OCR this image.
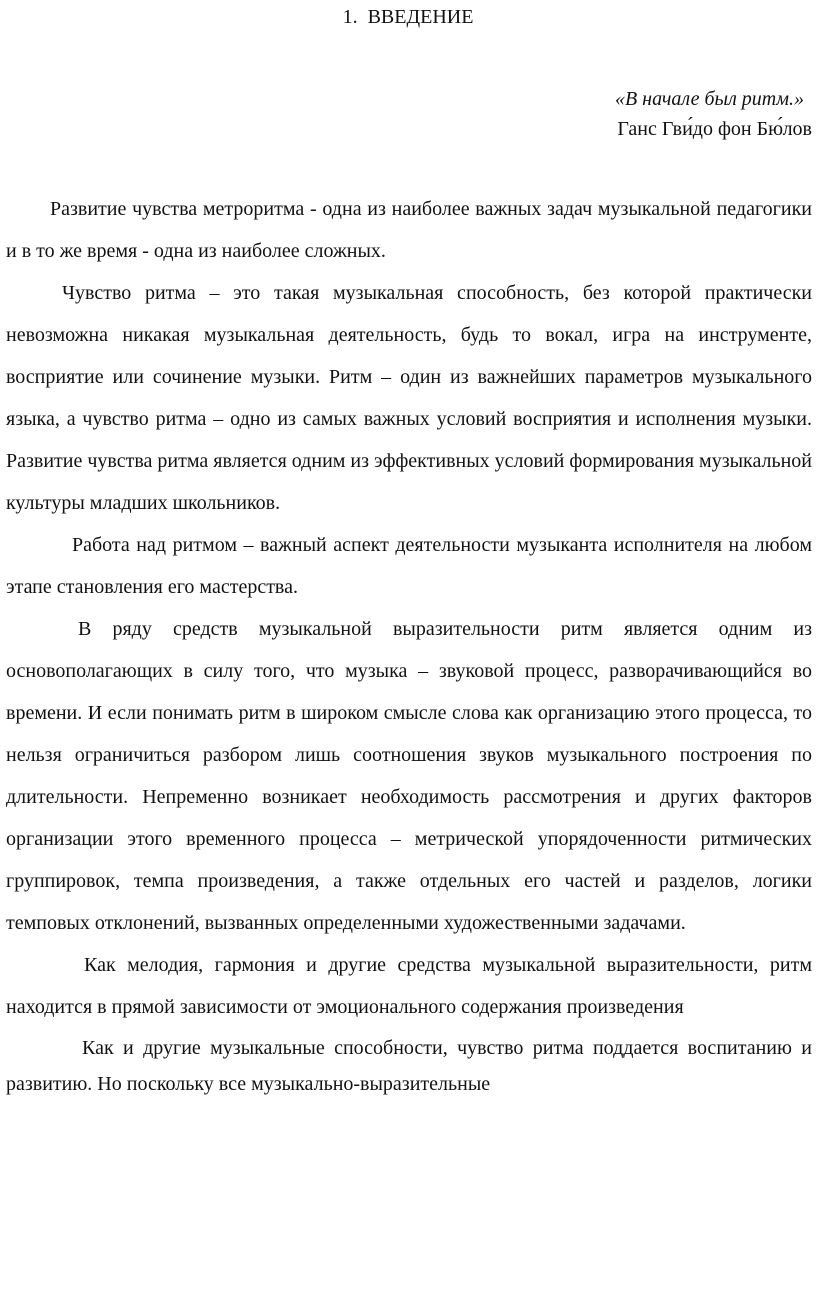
1. ВВЕДЕНИЕ
«В начале был ритм.»
Ганс Гви́до фон Бю́лов

Развитие чувства метроритма - одна из наиболее важных задач музыкальной педагогики и в то же время - одна из наиболее сложных.

Чувство ритма – это такая музыкальная способность, без которой практически невозможна никакая музыкальная деятельность, будь то вокал, игра на инструменте, восприятие или сочинение музыки. Ритм – один из важнейших параметров музыкального языка, а чувство ритма – одно из самых важных условий восприятия и исполнения музыки. Развитие чувства ритма является одним из эффективных условий формирования музыкальной культуры младших школьников.

Работа над ритмом – важный аспект деятельности музыканта исполнителя на любом этапе становления его мастерства.

В ряду средств музыкальной выразительности ритм является одним из основополагающих в силу того, что музыка – звуковой процесс, разворачивающийся во времени. И если понимать ритм в широком смысле слова как организацию этого процесса, то нельзя ограничиться разбором лишь соотношения звуков музыкального построения по длительности. Непременно возникает необходимость рассмотрения и других факторов организации этого временного процесса – метрической упорядоченности ритмических группировок, темпа произведения, а также отдельных его частей и разделов, логики темповых отклонений, вызванных определенными художественными задачами.

Как мелодия, гармония и другие средства музыкальной выразительности, ритм находится в прямой зависимости от эмоционального содержания произведения

Как и другие музыкальные способности, чувство ритма поддается воспитанию и развитию. Но поскольку все музыкально-выразительные
